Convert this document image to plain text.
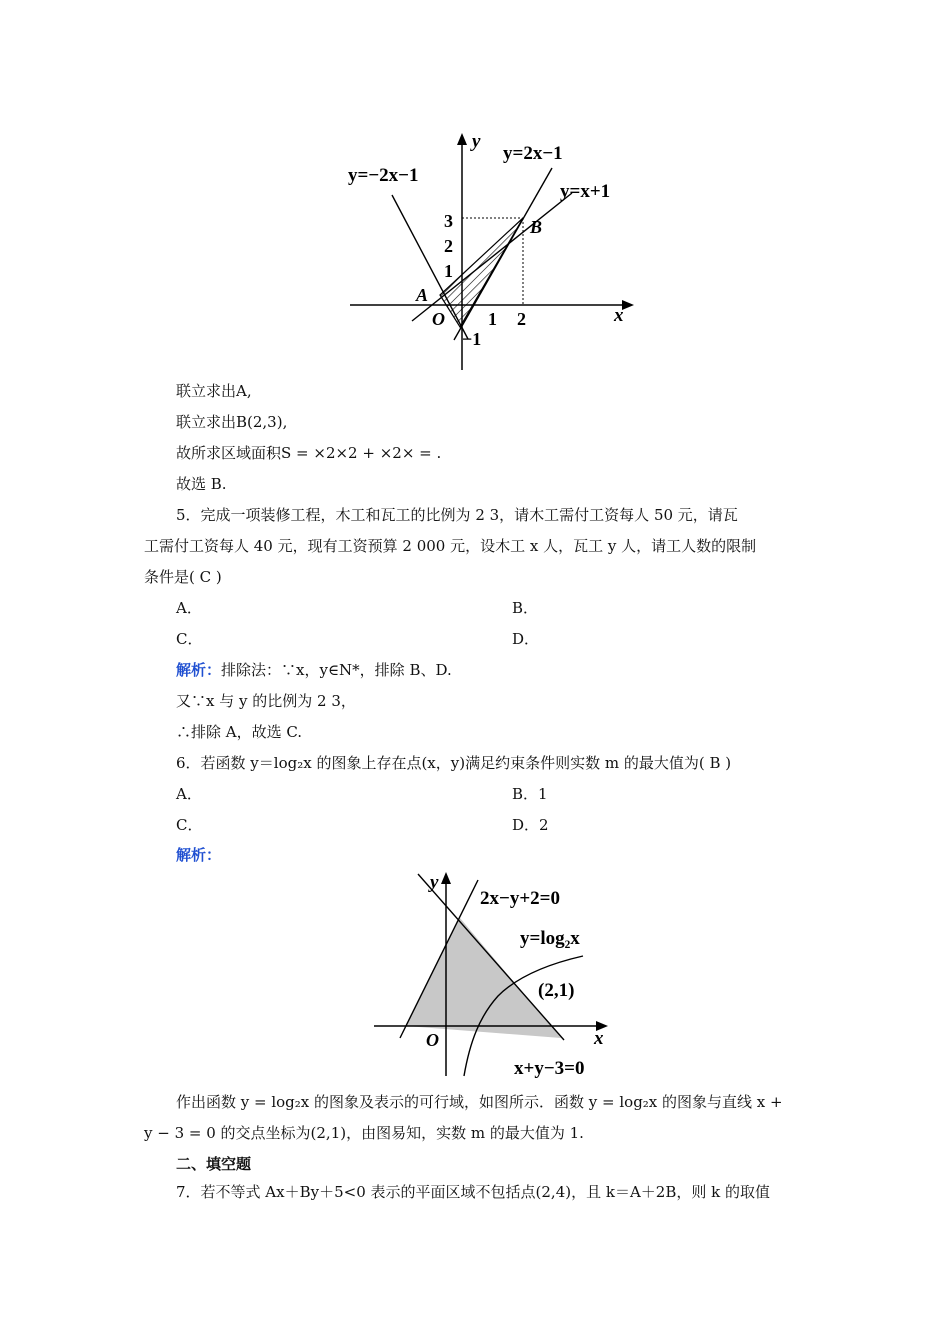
y
x
y=−2x−1
y=2x−1
y=x+1
A
B
O
3
2
1
1 2
−1
联立求出A,
联立求出B(2,3),
故所求区域面积S = ×2×2 + ×2× = .
故选 B.
5．完成一项装修工程，木工和瓦工的比例为 2 3，请木工需付工资每人 50 元，请瓦
工需付工资每人 40 元，现有工资预算 2 000 元，设木工 x 人，瓦工 y 人，请工人数的限制
条件是( C )
A．	B．
C．	D．
解析：排除法：∵x，y∈N*，排除 B、D.
又∵x 与 y 的比例为 2 3，
∴排除 A，故选 C.
6．若函数 y＝log₂x 的图象上存在点(x，y)满足约束条件则实数 m 的最大值为( B )
A．	B．1
C．	D．2
解析：
y
x
O
2x−y+2=0
y=log₂x
(2,1)
x+y−3=0
作出函数 y = log₂x 的图象及表示的可行域，如图所示．函数 y = log₂x 的图象与直线 x +
y − 3 = 0 的交点坐标为(2,1)，由图易知，实数 m 的最大值为 1.
二、填空题
7．若不等式 Ax＋By＋5<0 表示的平面区域不包括点(2,4)，且 k＝A＋2B，则 k 的取值
